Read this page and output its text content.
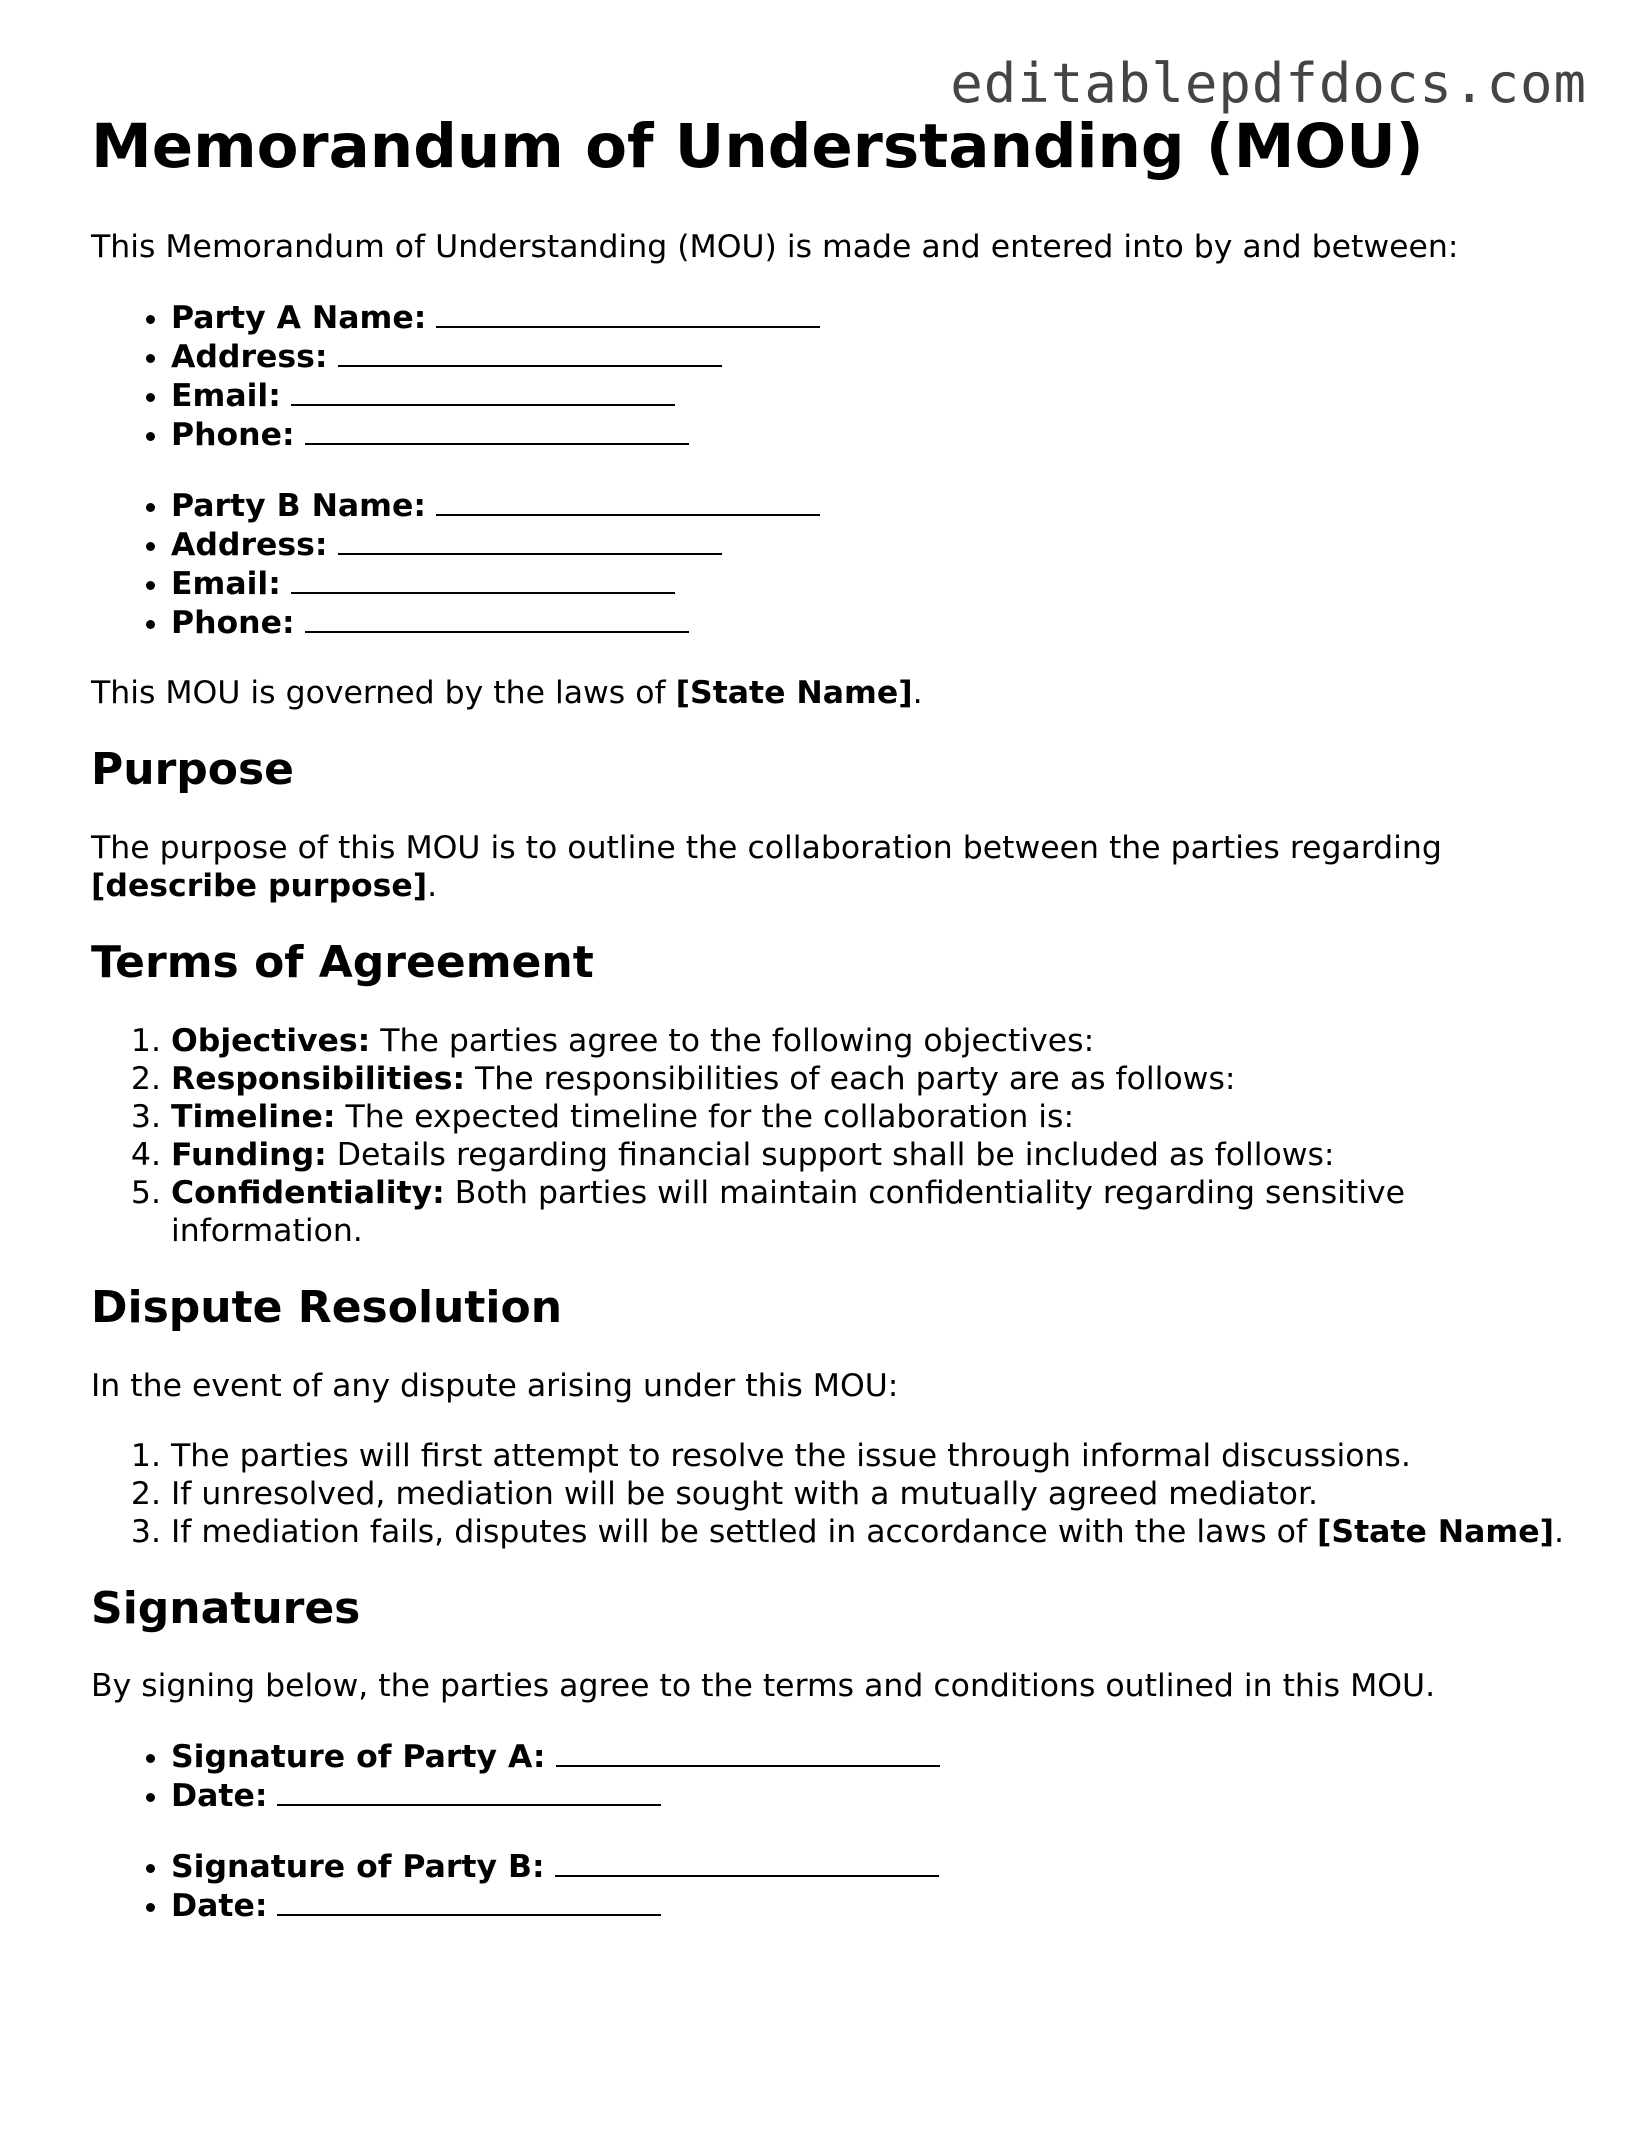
editablepdfdocs.com
Memorandum of Understanding (MOU)

This Memorandum of Understanding (MOU) is made and entered into by and between:

• Party A Name:
• Address:
• Email:
• Phone:
• Party B Name:
• Address:
• Email:
• Phone:

This MOU is governed by the laws of [State Name].

Purpose

The purpose of this MOU is to outline the collaboration between the parties regarding [describe purpose].

Terms of Agreement
1. Objectives: The parties agree to the following objectives:
2. Responsibilities: The responsibilities of each party are as follows:
3. Timeline: The expected timeline for the collaboration is:
4. Funding: Details regarding financial support shall be included as follows:
5. Confidentiality: Both parties will maintain confidentiality regarding sensitive information.
Dispute Resolution

In the event of any dispute arising under this MOU:

1. The parties will first attempt to resolve the issue through informal discussions.
2. If unresolved, mediation will be sought with a mutually agreed mediator.
3. If mediation fails, disputes will be settled in accordance with the laws of [State Name].
Signatures

By signing below, the parties agree to the terms and conditions outlined in this MOU.

• Signature of Party A:
• Date:
• Signature of Party B:
• Date:
